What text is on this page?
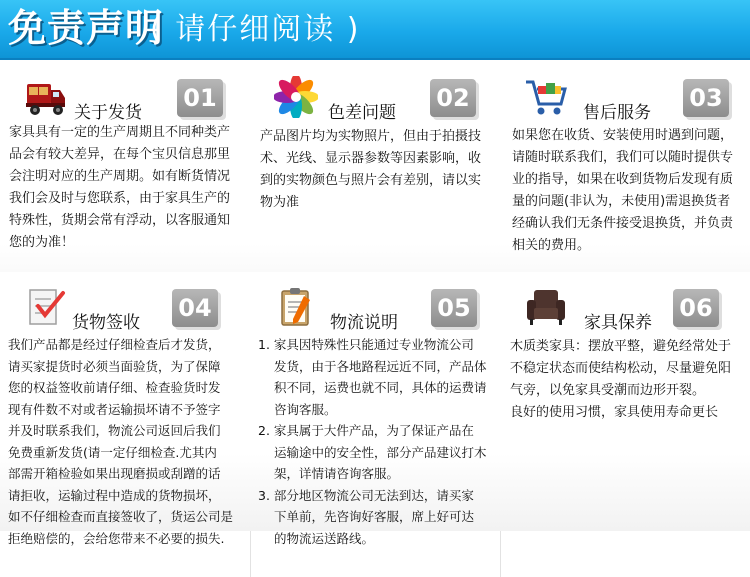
免责声明
( 请仔细阅读 )
关于发货
01

家具具有一定的生产周期且不同种类产

品会有较大差异，在每个宝贝信息那里

会注明对应的生产周期。如有断货情况

我们会及时与您联系，由于家具生产的

特殊性，货期会常有浮动，以客服通知

您的为准！

色差问题
02

产品图片均为实物照片，但由于拍摄技

术、光线、显示器参数等因素影响，收

到的实物颜色与照片会有差别，请以实

物为准

售后服务
03

如果您在收货、安装使用时遇到问题，

请随时联系我们，我们可以随时提供专

业的指导，如果在收到货物后发现有质

量的问题(非认为，未使用)需退换货者

经确认我们无条件接受退换货，并负责

相关的费用。

货物签收
04

我们产品都是经过仔细检查后才发货，

请买家提货时必须当面验货，为了保障

您的权益签收前请仔细、检查验货时发

现有件数不对或者运输损坏请不予签字

并及时联系我们，物流公司返回后我们

免费重新发货(请一定仔细检查.尤其内

部需开箱检验如果出现磨损或刮蹭的话

请拒收，运输过程中造成的货物损坏，

如不仔细检查而直接签收了，货运公司是

拒绝赔偿的，会给您带来不必要的损失.

物流说明
05

1. 家具因特殊性只能通过专业物流公司

发货，由于各地路程远近不同，产品体

积不同，运费也就不同，具体的运费请

咨询客服。

2. 家具属于大件产品，为了保证产品在

运输途中的安全性，部分产品建议打木

架，详情请咨询客服。

3. 部分地区物流公司无法到达，请买家

下单前，先咨询好客服，席上好可达

的物流运送路线。

家具保养
06

木质类家具：摆放平整，避免经常处于

不稳定状态而使结构松动，尽量避免阳

气旁，以免家具受潮而边形开裂。

良好的使用习惯，家具使用寿命更长
